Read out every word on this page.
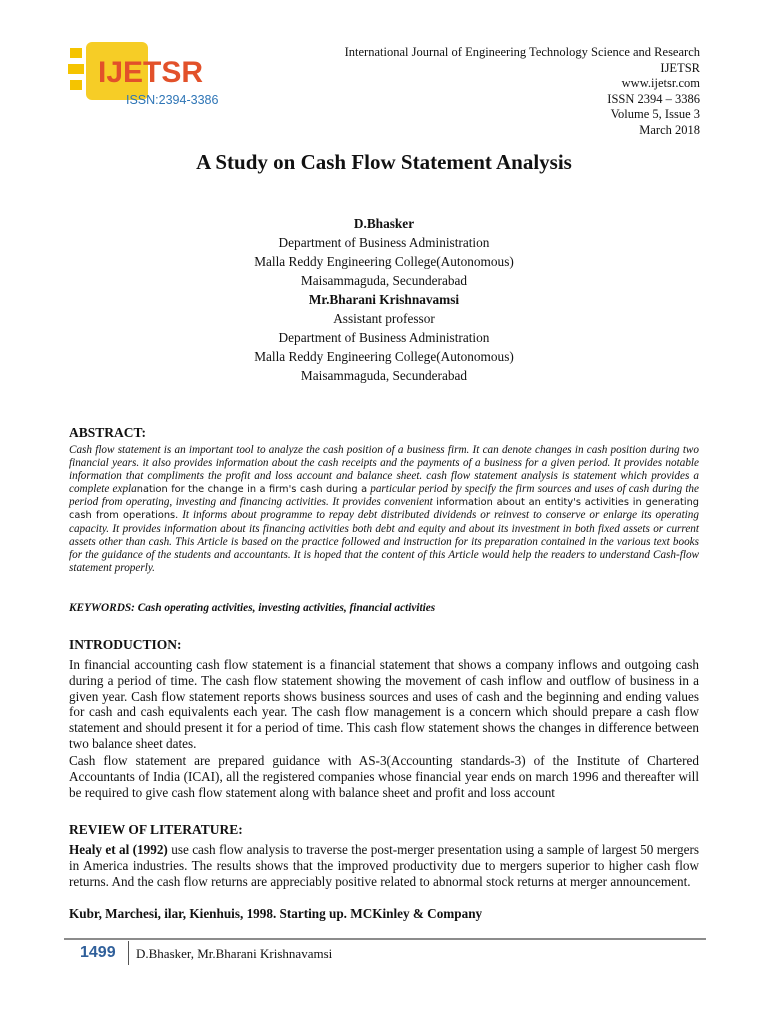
IJETSR
ISSN:2394-3386
International Journal of Engineering Technology Science and Research
IJETSR
www.ijetsr.com
ISSN 2394 – 3386
Volume 5, Issue 3
March 2018
A Study on Cash Flow Statement Analysis
D.Bhasker
Department of Business Administration
Malla Reddy Engineering College(Autonomous)
Maisammaguda, Secunderabad
Mr.Bharani Krishnavamsi
Assistant professor
Department of Business Administration
Malla Reddy Engineering College(Autonomous)
Maisammaguda, Secunderabad
ABSTRACT:

Cash flow statement is an important tool to analyze the cash position of a business firm. It can denote changes in cash position during two financial years. it also provides information about the cash receipts and the payments of a business for a given period. It provides notable information that compliments the profit and loss account and balance sheet. cash flow statement analysis is statement which provides a complete explanation for the change in a firm's cash during a particular period by specify the firm sources and uses of cash during the period from operating, investing and financing activities. It provides convenient information about an entity's activities in generating cash from operations. It informs about programme to repay debt distributed dividends or reinvest to conserve or enlarge its operating capacity. It provides information about its financing activities both debt and equity and about its investment in both fixed assets or current assets other than cash. This Article is based on the practice followed and instruction for its preparation contained in the various text books for the guidance of the students and accountants. It is hoped that the content of this Article would help the readers to understand Cash-flow statement properly.

KEYWORDS: Cash operating activities, investing activities, financial activities
INTRODUCTION:

In financial accounting cash flow statement is a financial statement that shows a company inflows and outgoing cash during a period of time. The cash flow statement showing the movement of cash inflow and outflow of business in a given year. Cash flow statement reports shows business sources and uses of cash and the beginning and ending values for cash and cash equivalents each year. The cash flow management is a concern which should prepare a cash flow statement and should present it for a period of time. This cash flow statement shows the changes in difference between two balance sheet dates.

Cash flow statement are prepared guidance with AS-3(Accounting standards-3) of the Institute of Chartered Accountants of India (ICAI), all the registered companies whose financial year ends on march 1996 and thereafter will be required to give cash flow statement along with balance sheet and profit and loss account

REVIEW OF LITERATURE:

Healy et al (1992) use cash flow analysis to traverse the post-merger presentation using a sample of largest 50 mergers in America industries. The results shows that the improved productivity due to mergers superior to higher cash flow returns. And the cash flow returns are appreciably positive related to abnormal stock returns at merger announcement.

Kubr, Marchesi, ilar, Kienhuis, 1998. Starting up. MCKinley & Company

1499 D.Bhasker, Mr.Bharani Krishnavamsi
